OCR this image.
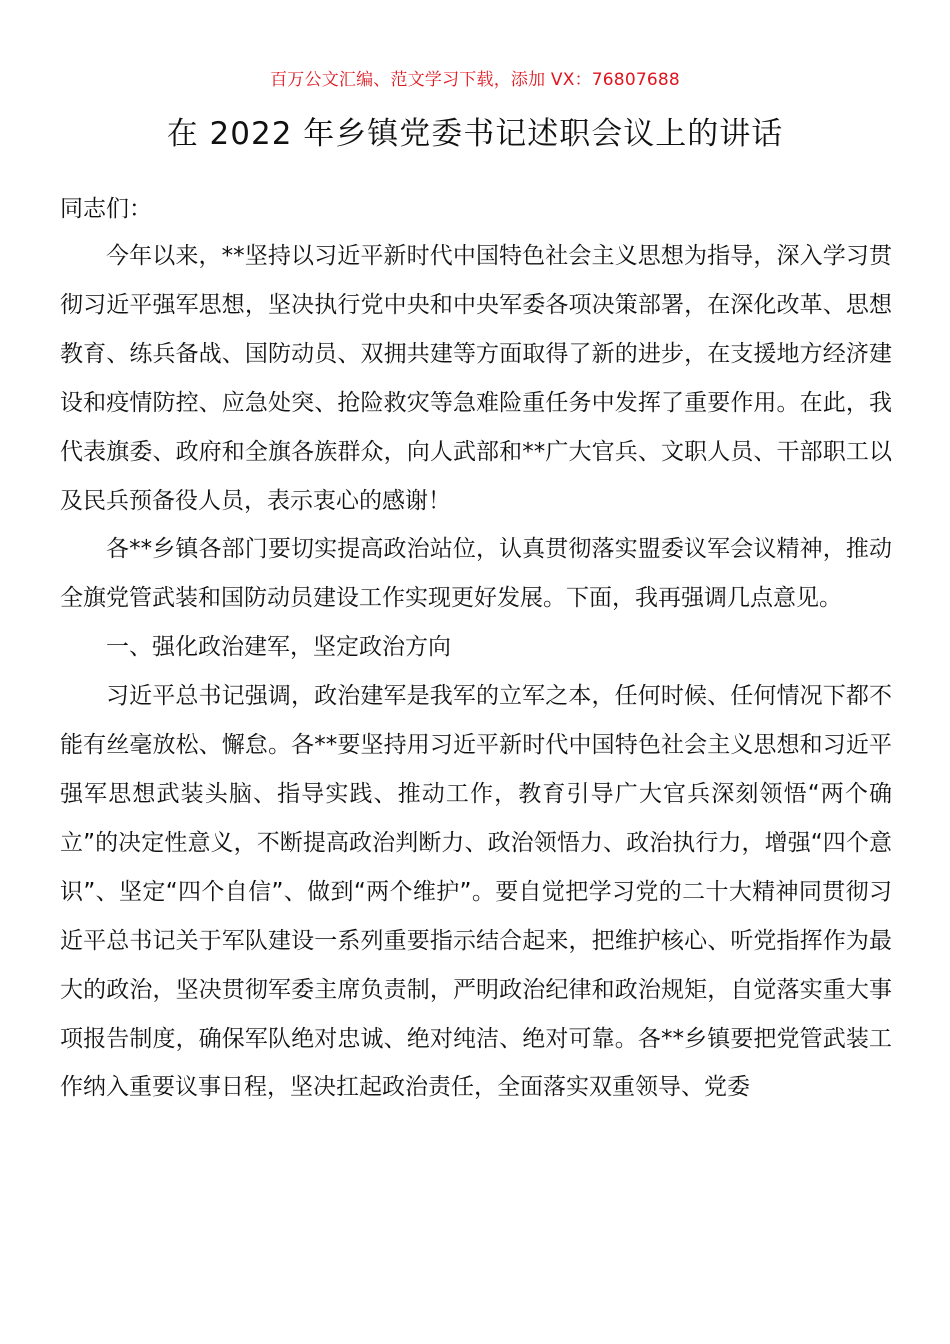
百万公文汇编、范文学习下载，添加 VX：76807688
在 2022 年乡镇党委书记述职会议上的讲话
同志们：

今年以来，**坚持以习近平新时代中国特色社会主义思想为指导，深入学习贯彻习近平强军思想，坚决执行党中央和中央军委各项决策部署，在深化改革、思想教育、练兵备战、国防动员、双拥共建等方面取得了新的进步，在支援地方经济建设和疫情防控、应急处突、抢险救灾等急难险重任务中发挥了重要作用。在此，我代表旗委、政府和全旗各族群众，向人武部和**广大官兵、文职人员、干部职工以及民兵预备役人员，表示衷心的感谢！

各**乡镇各部门要切实提高政治站位，认真贯彻落实盟委议军会议精神，推动全旗党管武装和国防动员建设工作实现更好发展。下面，我再强调几点意见。

一、强化政治建军，坚定政治方向

习近平总书记强调，政治建军是我军的立军之本，任何时候、任何情况下都不能有丝毫放松、懈怠。各**要坚持用习近平新时代中国特色社会主义思想和习近平强军思想武装头脑、指导实践、推动工作，教育引导广大官兵深刻领悟“两个确立”的决定性意义，不断提高政治判断力、政治领悟力、政治执行力，增强“四个意识”、坚定“四个自信”、做到“两个维护”。要自觉把学习党的二十大精神同贯彻习近平总书记关于军队建设一系列重要指示结合起来，把维护核心、听党指挥作为最大的政治，坚决贯彻军委主席负责制，严明政治纪律和政治规矩，自觉落实重大事项报告制度，确保军队绝对忠诚、绝对纯洁、绝对可靠。各**乡镇要把党管武装工作纳入重要议事日程，坚决扛起政治责任，全面落实双重领导、党委
